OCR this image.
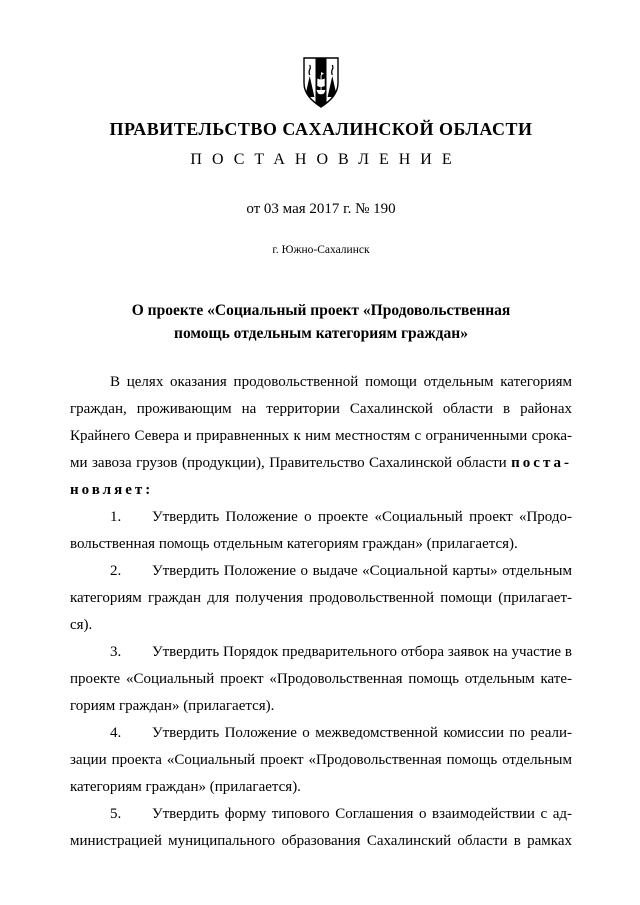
ПРАВИТЕЛЬСТВО САХАЛИНСКОЙ ОБЛАСТИ
ПОСТАНОВЛЕНИЕ
от 03 мая 2017 г. № 190
г. Южно-Сахалинск
О проекте «Социальный проект «Продовольственная
помощь отдельным категориям граждан»
В целях оказания продовольственной помощи отдельным категориям
граждан, проживающим на территории Сахалинской области в районах
Крайнего Севера и приравненных к ним местностям с ограниченными срока-
ми завоза грузов (продукции), Правительство Сахалинской области поста-
новляет:
1. Утвердить Положение о проекте «Социальный проект «Продо-
вольственная помощь отдельным категориям граждан» (прилагается).
2. Утвердить Положение о выдаче «Социальной карты» отдельным
категориям граждан для получения продовольственной помощи (прилагает-
ся).
3. Утвердить Порядок предварительного отбора заявок на участие в
проекте «Социальный проект «Продовольственная помощь отдельным кате-
гориям граждан» (прилагается).
4. Утвердить Положение о межведомственной комиссии по реали-
зации проекта «Социальный проект «Продовольственная помощь отдельным
категориям граждан» (прилагается).
5. Утвердить форму типового Соглашения о взаимодействии с ад-
министрацией муниципального образования Сахалинский области в рамках
